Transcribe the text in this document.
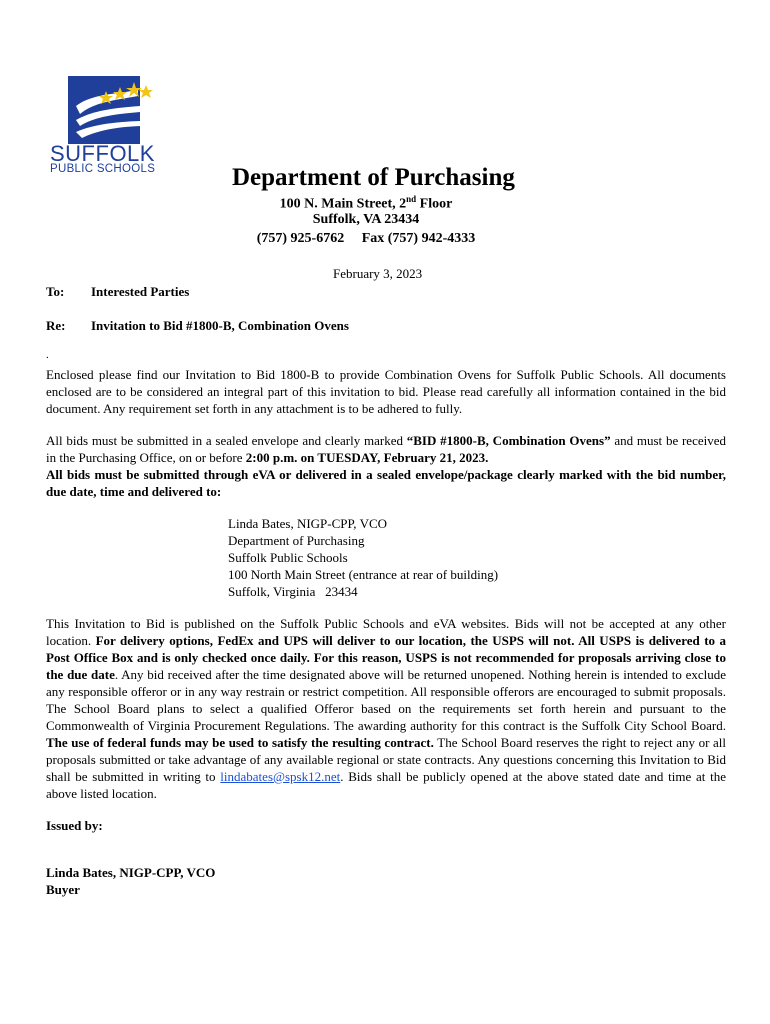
SUFFOLK
PUBLIC SCHOOLS	Department of Purchasing
100 N. Main Street, 2nd Floor
Suffolk, VA 23434
(757) 925-6762     Fax (757) 942-4333
February 3, 2023
To: Interested Parties
Re: Invitation to Bid #1800-B, Combination Ovens
.
Enclosed please find our Invitation to Bid 1800-B to provide Combination Ovens for Suffolk Public Schools. All documents enclosed are to be considered an integral part of this invitation to bid. Please read carefully all information contained in the bid document. Any requirement set forth in any attachment is to be adhered to fully.
All bids must be submitted in a sealed envelope and clearly marked “BID #1800-B, Combination Ovens” and must be received in the Purchasing Office, on or before 2:00 p.m. on TUESDAY, February 21, 2023.
All bids must be submitted through eVA or delivered in a sealed envelope/package clearly marked with the bid number, due date, time and delivered to:
Linda Bates, NIGP-CPP, VCO
Department of Purchasing
Suffolk Public Schools
100 North Main Street (entrance at rear of building)
Suffolk, Virginia   23434
This Invitation to Bid is published on the Suffolk Public Schools and eVA websites. Bids will not be accepted at any other location. For delivery options, FedEx and UPS will deliver to our location, the USPS will not. All USPS is delivered to a Post Office Box and is only checked once daily. For this reason, USPS is not recommended for proposals arriving close to the due date. Any bid received after the time designated above will be returned unopened. Nothing herein is intended to exclude any responsible offeror or in any way restrain or restrict competition. All responsible offerors are encouraged to submit proposals. The School Board plans to select a qualified Offeror based on the requirements set forth herein and pursuant to the Commonwealth of Virginia Procurement Regulations. The awarding authority for this contract is the Suffolk City School Board. The use of federal funds may be used to satisfy the resulting contract. The School Board reserves the right to reject any or all proposals submitted or take advantage of any available regional or state contracts. Any questions concerning this Invitation to Bid shall be submitted in writing to lindabates@spsk12.net. Bids shall be publicly opened at the above stated date and time at the above listed location.
Issued by:
Linda Bates, NIGP-CPP, VCO
Buyer
